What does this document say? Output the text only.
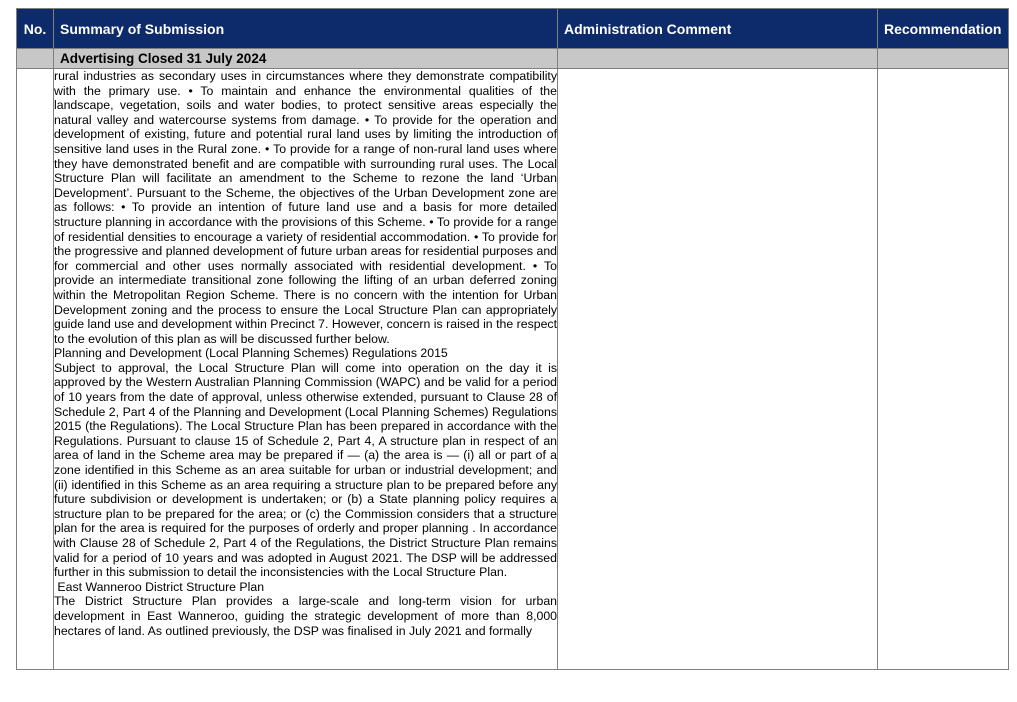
No.	Summary of Submission	Administration Comment	Recommendation
	Advertising Closed 31 July 2024		

	rural industries as secondary uses in circumstances where they demonstrate compatibility with the primary use. • To maintain and enhance the environmental qualities of the landscape, vegetation, soils and water bodies, to protect sensitive areas especially the natural valley and watercourse systems from damage. • To provide for the operation and development of existing, future and potential rural land uses by limiting the introduction of sensitive land uses in the Rural zone. • To provide for a range of non-rural land uses where they have demonstrated benefit and are compatible with surrounding rural uses. The Local Structure Plan will facilitate an amendment to the Scheme to rezone the land ‘Urban Development’. Pursuant to the Scheme, the objectives of the Urban Development zone are as follows: • To provide an intention of future land use and a basis for more detailed structure planning in accordance with the provisions of this Scheme. • To provide for a range of residential densities to encourage a variety of residential accommodation. • To provide for the progressive and planned development of future urban areas for residential purposes and for commercial and other uses normally associated with residential development. • To provide an intermediate transitional zone following the lifting of an urban deferred zoning within the Metropolitan Region Scheme. There is no concern with the intention for Urban Development zoning and the process to ensure the Local Structure Plan can appropriately guide land use and development within Precinct 7. However, concern is raised in the respect to the evolution of this plan as will be discussed further below.

Planning and Development (Local Planning Schemes) Regulations 2015

Subject to approval, the Local Structure Plan will come into operation on the day it is approved by the Western Australian Planning Commission (WAPC) and be valid for a period of 10 years from the date of approval, unless otherwise extended, pursuant to Clause 28 of Schedule 2, Part 4 of the Planning and Development (Local Planning Schemes) Regulations 2015 (the Regulations). The Local Structure Plan has been prepared in accordance with the Regulations. Pursuant to clause 15 of Schedule 2, Part 4, A structure plan in respect of an area of land in the Scheme area may be prepared if — (a) the area is — (i) all or part of a zone identified in this Scheme as an area suitable for urban or industrial development; and (ii) identified in this Scheme as an area requiring a structure plan to be prepared before any future subdivision or development is undertaken; or (b) a State planning policy requires a structure plan to be prepared for the area; or (c) the Commission considers that a structure plan for the area is required for the purposes of orderly and proper planning . In accordance with Clause 28 of Schedule 2, Part 4 of the Regulations, the District Structure Plan remains valid for a period of 10 years and was adopted in August 2021. The DSP will be addressed further in this submission to detail the inconsistencies with the Local Structure Plan.

East Wanneroo District Structure Plan

The District Structure Plan provides a large-scale and long-term vision for urban development in East Wanneroo, guiding the strategic development of more than 8,000 hectares of land. As outlined previously, the DSP was finalised in July 2021 and formally		
